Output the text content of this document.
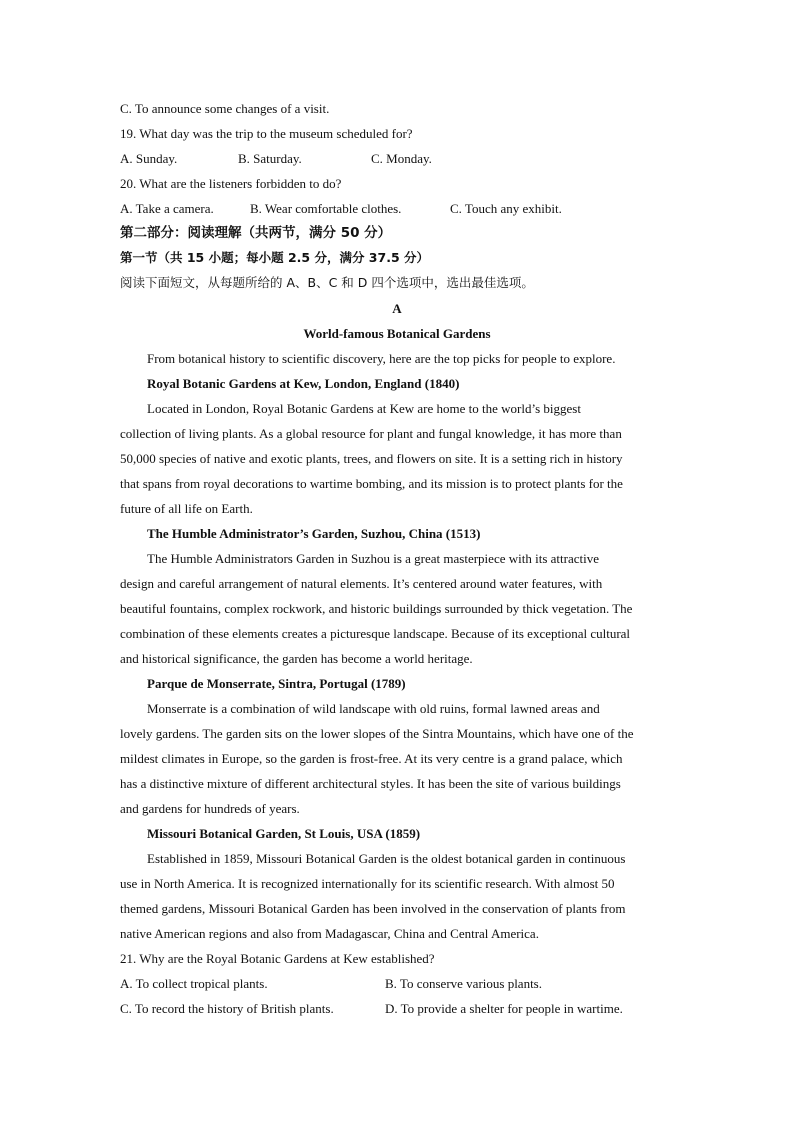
C. To announce some changes of a visit.
19. What day was the trip to the museum scheduled for?
A. Sunday.	B. Saturday.	C. Monday.
20. What are the listeners forbidden to do?
A. Take a camera.	B. Wear comfortable clothes.	C. Touch any exhibit.
第二部分：阅读理解（共两节，满分 50 分）
第一节（共 15 小题；每小题 2.5 分，满分 37.5 分）
阅读下面短文，从每题所给的 A、B、C 和 D 四个选项中，选出最佳选项。
A
World-famous Botanical Gardens
From botanical history to scientific discovery, here are the top picks for people to explore.
Royal Botanic Gardens at Kew, London, England (1840)
Located in London, Royal Botanic Gardens at Kew are home to the world’s biggest
collection of living plants. As a global resource for plant and fungal knowledge, it has more than
50,000 species of native and exotic plants, trees, and flowers on site. It is a setting rich in history
that spans from royal decorations to wartime bombing, and its mission is to protect plants for the
future of all life on Earth.
The Humble Administrator’s Garden, Suzhou, China (1513)
The Humble Administrators Garden in Suzhou is a great masterpiece with its attractive
design and careful arrangement of natural elements. It’s centered around water features, with
beautiful fountains, complex rockwork, and historic buildings surrounded by thick vegetation. The
combination of these elements creates a picturesque landscape. Because of its exceptional cultural
and historical significance, the garden has become a world heritage.
Parque de Monserrate, Sintra, Portugal (1789)
Monserrate is a combination of wild landscape with old ruins, formal lawned areas and
lovely gardens. The garden sits on the lower slopes of the Sintra Mountains, which have one of the
mildest climates in Europe, so the garden is frost-free. At its very centre is a grand palace, which
has a distinctive mixture of different architectural styles. It has been the site of various buildings
and gardens for hundreds of years.
Missouri Botanical Garden, St Louis, USA (1859)
Established in 1859, Missouri Botanical Garden is the oldest botanical garden in continuous
use in North America. It is recognized internationally for its scientific research. With almost 50
themed gardens, Missouri Botanical Garden has been involved in the conservation of plants from
native American regions and also from Madagascar, China and Central America.
21. Why are the Royal Botanic Gardens at Kew established?
A. To collect tropical plants.	B. To conserve various plants.
C. To record the history of British plants.	D. To provide a shelter for people in wartime.
